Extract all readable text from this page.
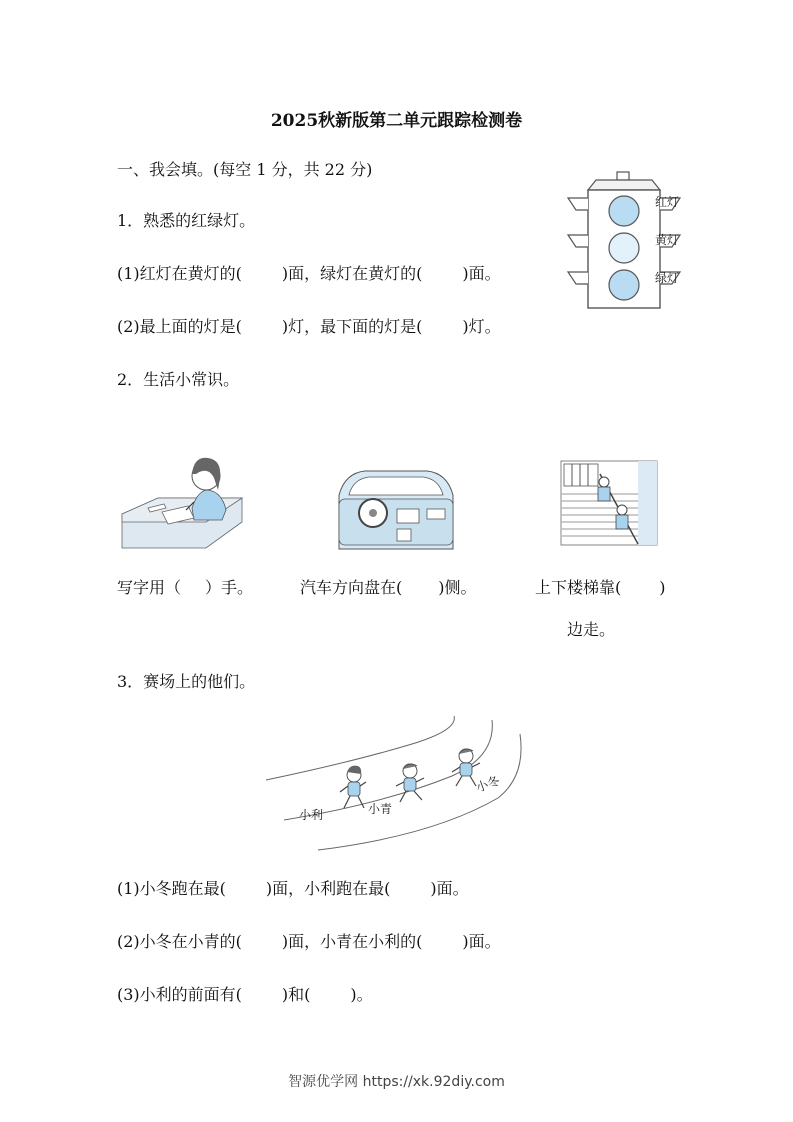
2025秋新版第二单元跟踪检测卷
一、我会填。(每空 1 分，共 22 分)
1．熟悉的红绿灯。
(1)红灯在黄灯的(	)面，绿灯在黄灯的(	)面。
(2)最上面的灯是(	)灯，最下面的灯是(	)灯。
红灯
黄灯
绿灯
2．生活小常识。
写字用（ ）手。	汽车方向盘在( )侧。	上下楼梯靠( )
边走。
3．赛场上的他们。
小利	小青
小冬
(1)小冬跑在最(	)面，小利跑在最(	)面。
(2)小冬在小青的(	)面，小青在小利的(	)面。
(3)小利的前面有(	)和(	)。
智源优学网 https://xk.92diy.com
